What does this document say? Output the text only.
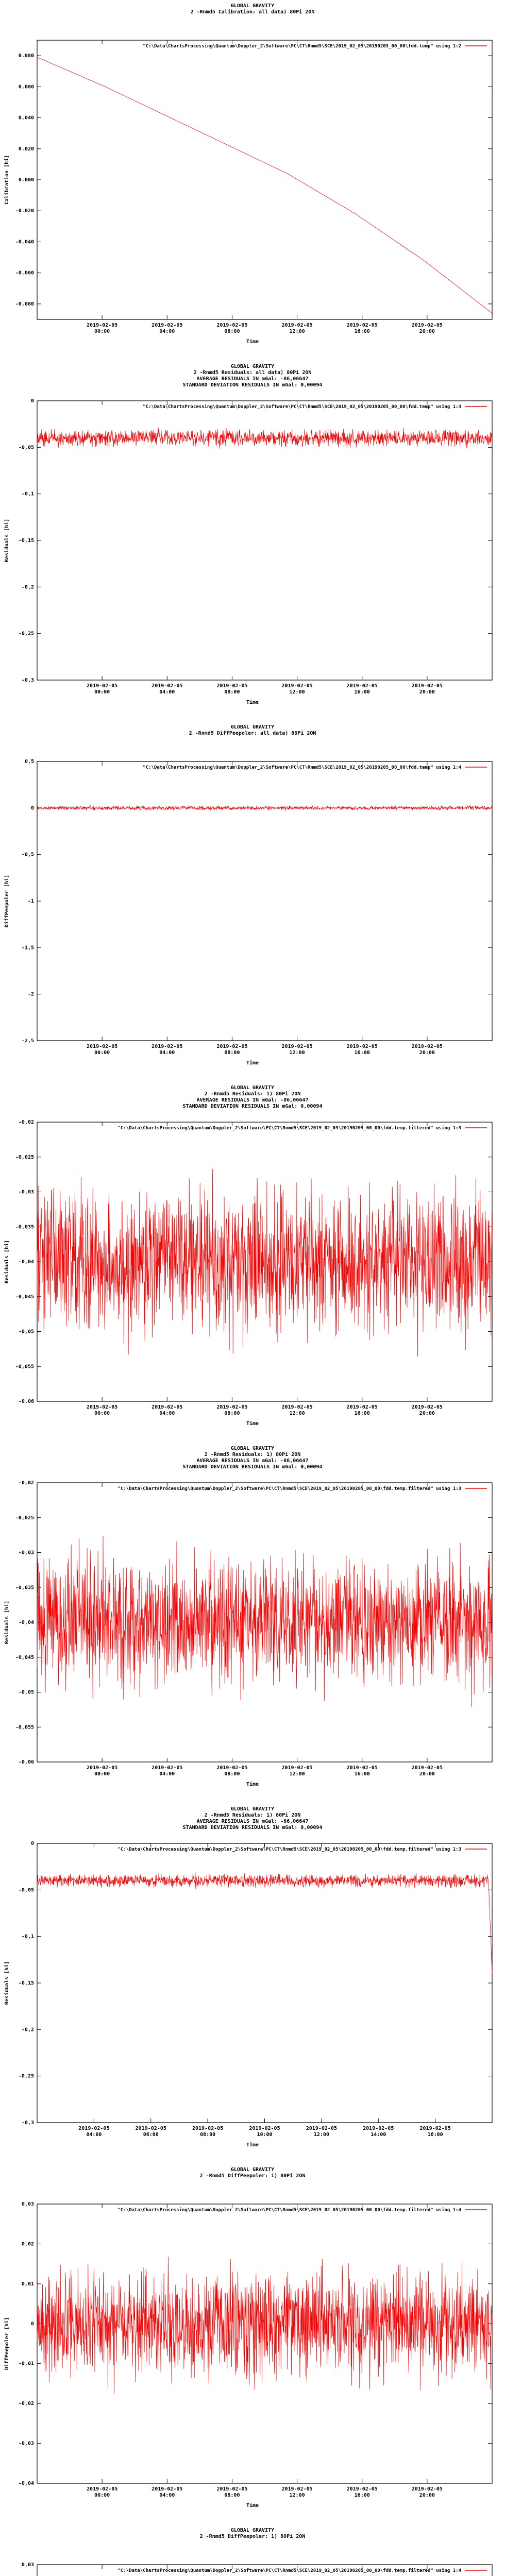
GLOBAL GRAVITY
2 -Rnmd5 Calibration: all data) 80Pi 2ON
0.080
0.060
0.040
0.020
0.000
-0.020
-0.040
-0.060
-0.080
2019-02-05
00:00
2019-02-05
04:00
2019-02-05
08:00
2019-02-05
12:00
2019-02-05
16:00
2019-02-05
20:00
Time
Calibration [hi]
"C:\Data\ChartsProcessing\Quantum\Doppler_2\Software\PC\CT\Rnmd5\SCE\2019_02_05\20190205_00_00\fdd.temp" using 1:2
GLOBAL GRAVITY
2 -Rnmd5 Residuals: all data) 80Pi 2ON
AVERAGE RESIDUALS IN mGal: -86,06647
STANDARD DEVIATION RESIDUALS IN mGal: 0,00094
0
-0,05
-0,1
-0,15
-0,2
-0,25
-0,3
2019-02-05
00:00
2019-02-05
04:00
2019-02-05
08:00
2019-02-05
12:00
2019-02-05
16:00
2019-02-05
20:00
Time
Residuals [hi]
"C:\Data\ChartsProcessing\Quantum\Doppler_2\Software\PC\CT\Rnmd5\SCE\2019_02_05\20190205_00_00\fdd.temp" using 1:3
GLOBAL GRAVITY
2 -Rnmd5 DiffPeepoler: all data) 80Pi 2ON
0,5
0
-0,5
-1
-1,5
-2
-2,5
2019-02-05
00:00
2019-02-05
04:00
2019-02-05
08:00
2019-02-05
12:00
2019-02-05
16:00
2019-02-05
20:00
Time
DiffPeepoler [hi]
"C:\Data\ChartsProcessing\Quantum\Doppler_2\Software\PC\CT\Rnmd5\SCE\2019_02_05\20190205_00_00\fdd.temp" using 1:4
GLOBAL GRAVITY
2 -Rnmd5 Residuals: 1) 80Pi 2ON
AVERAGE RESIDUALS IN mGal: -86,06647
STANDARD DEVIATION RESIDUALS IN mGal: 0,00094
-0,02
-0,025
-0,03
-0,035
-0,04
-0,045
-0,05
-0,055
-0,06
2019-02-05
00:00
2019-02-05
04:00
2019-02-05
08:00
2019-02-05
12:00
2019-02-05
16:00
2019-02-05
20:00
Time
Residuals [hi]
"C:\Data\ChartsProcessing\Quantum\Doppler_2\Software\PC\CT\Rnmd5\SCE\2019_02_05\20190205_00_00\fdd.temp.filtered" using 1:3
GLOBAL GRAVITY
2 -Rnmd5 Residuals: 1) 80Pi 2ON
AVERAGE RESIDUALS IN mGal: -86,06647
STANDARD DEVIATION RESIDUALS IN mGal: 0,00094
-0,02
-0,025
-0,03
-0,035
-0,04
-0,045
-0,05
-0,055
-0,06
2019-02-05
00:00
2019-02-05
04:00
2019-02-05
08:00
2019-02-05
12:00
2019-02-05
16:00
2019-02-05
20:00
Time
Residuals [hi]
"C:\Data\ChartsProcessing\Quantum\Doppler_2\Software\PC\CT\Rnmd5\SCE\2019_02_05\20190205_00_00\fdd.temp.filtered" using 1:3
GLOBAL GRAVITY
2 -Rnmd5 Residuals: 1) 80Pi 2ON
AVERAGE RESIDUALS IN mGal: -86,06647
STANDARD DEVIATION RESIDUALS IN mGal: 0,00094
0
-0,05
-0,1
-0,15
-0,2
-0,25
-0,3
2019-02-05
04:00
2019-02-05
06:00
2019-02-05
08:00
2019-02-05
10:00
2019-02-05
12:00
2019-02-05
14:00
2019-02-05
16:00
Time
Residuals [hi]
"C:\Data\ChartsProcessing\Quantum\Doppler_2\Software\PC\CT\Rnmd5\SCE\2019_02_05\20190205_00_00\fdd.temp.filtered" using 1:3
GLOBAL GRAVITY
2 -Rnmd5 DiffPeepoler: 1) 80Pi 2ON
0,03
0,02
0,01
0
-0,01
-0,02
-0,03
-0,04
2019-02-05
00:00
2019-02-05
04:00
2019-02-05
08:00
2019-02-05
12:00
2019-02-05
16:00
2019-02-05
20:00
Time
DiffPeepoler [hi]
"C:\Data\ChartsProcessing\Quantum\Doppler_2\Software\PC\CT\Rnmd5\SCE\2019_02_05\20190205_00_00\fdd.temp.filtered" using 1:4
GLOBAL GRAVITY
2 -Rnmd5 DiffPeepoler: 1) 80Pi 2ON
0,03
"C:\Data\ChartsProcessing\Quantum\Doppler_2\Software\PC\CT\Rnmd5\SCE\2019_02_05\20190205_00_00\fdd.temp.filtered" using 1:4
